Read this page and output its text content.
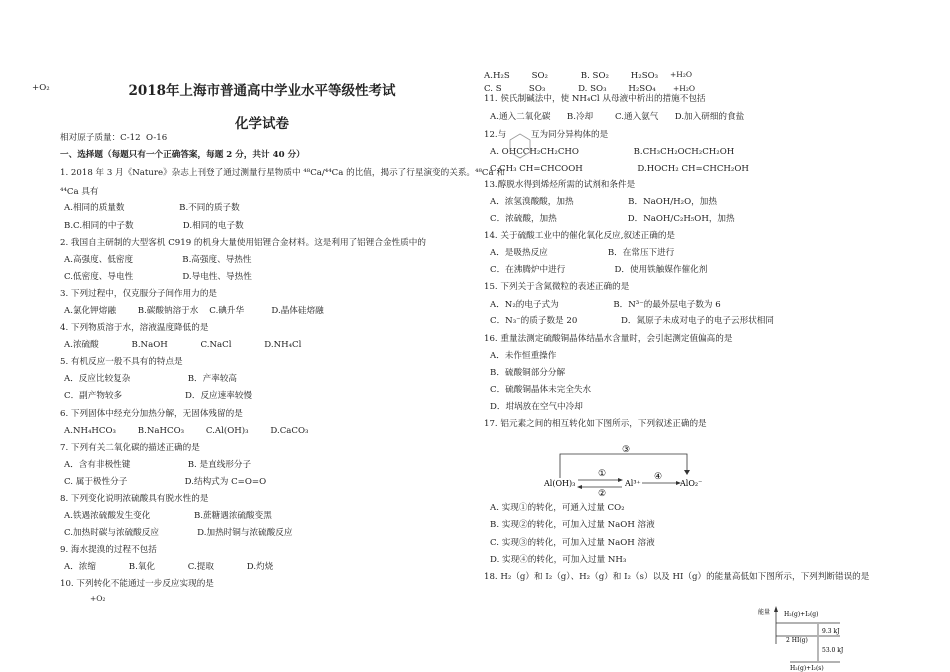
+O₂	2018年上海市普通高中学业水平等级性考试
化学试卷
+O₂
+H₂O
+H₂O
相对原子质量：C-12  O-16
一、选择题（每题只有一个正确答案，每题 2 分，共计 40 分）
1. 2018 年 3 月《Nature》杂志上刊登了通过测量行星物质中 ⁴⁸Ca/⁴⁴Ca 的比值，揭示了行星演变的关系。⁴⁸Ca 和
⁴⁴Ca 具有
A.相同的质量数                    B.不同的质子数
B.C.相同的中子数                  D.相同的电子数
2. 我国自主研制的大型客机 C919 的机身大量使用铝锂合金材料。这是利用了铝锂合金性质中的
A.高强度、低密度                  B.高强度、导热性
C.低密度、导电性                  D.导电性、导热性
3. 下列过程中，仅克服分子间作用力的是
A.氯化钾熔融        B.碳酸钠溶于水    C.碘升华          D.晶体硅熔融
4. 下列物质溶于水，溶液温度降低的是
A.浓硫酸            B.NaOH            C.NaCl            D.NH₄Cl
5. 有机反应一般不具有的特点是
A．反应比较复杂                     B．产率较高
C．副产物较多                       D．反应速率较慢
6. 下列固体中经充分加热分解，无固体残留的是
A.NH₄HCO₃        B.NaHCO₃        C.Al(OH)₃        D.CaCO₃
7. 下列有关二氧化碳的描述正确的是
A．含有非极性键                     B. 是直线形分子
C. 属于极性分子                     D.结构式为 C=O=O
8. 下列变化说明浓硫酸具有脱水性的是
A.铁遇浓硫酸发生变化                B.蔗糖遇浓硫酸变黑
C.加热时碳与浓硫酸反应              D.加热时铜与浓硫酸反应
9. 海水提溴的过程不包括
A．浓缩            B.氧化            C.提取            D.灼烧
10. 下列转化不能通过一步反应实现的是
A.H₂S        SO₂            B. SO₂        H₂SO₃
C. S          SO₃            D. SO₃        H₂SO₄
11. 侯氏制碱法中，使 NH₄Cl 从母液中析出的措施不包括
A.通入二氧化碳      B.冷却        C.通入氨气      D.加入研细的食盐
12.与         互为同分异构体的是
A. OHCCH₂CH₂CHO                    B.CH₃CH₂OCH₂CH₂OH
C.CH₃ CH=CHCOOH                    D.HOCH₂ CH=CHCH₂OH
13.醇脱水得到烯烃所需的试剂和条件是
A．浓氢溴酸酸，加热                    B．NaOH/H₂O，加热
C．浓硫酸，加热                          D．NaOH/C₂H₅OH，加热
14. 关于硫酸工业中的催化氧化反应,叙述正确的是
A．是吸热反应                      B．在常压下进行
C．在沸腾炉中进行                  D．使用铁触媒作催化剂
15. 下列关于含氮微粒的表述正确的是
A．N₂的电子式为                    B．N³⁻的最外层电子数为 6
C．N₃⁻的质子数是 20                D．氮原子未成对电子的电子云形状相同
16. 重量法测定硫酸铜晶体结晶水含量时，会引起测定值偏高的是
A．未作恒重操作
B．硫酸铜部分分解
C．硫酸铜晶体未完全失水
D．坩埚放在空气中冷却
17. 铝元素之间的相互转化如下图所示，下列叙述正确的是
A. 实现①的转化，可通入过量 CO₂
B. 实现②的转化，可加入过量 NaOH 溶液
C. 实现③的转化，可加入过量 NaOH 溶液
D. 实现④的转化，可加入过量 NH₃
18. H₂（g）和 I₂（g）、H₂（g）和 I₂（s）以及 HI（g）的能量高低如下图所示，下列判断错误的是
Al(OH)₃	Al³⁺	AlO₂⁻
①
②
③
④
能量 H₂(g)+I₂(g)
2 HI(g)
H₂(g)+I₂(s)
9.3 kJ
53.0 kJ
